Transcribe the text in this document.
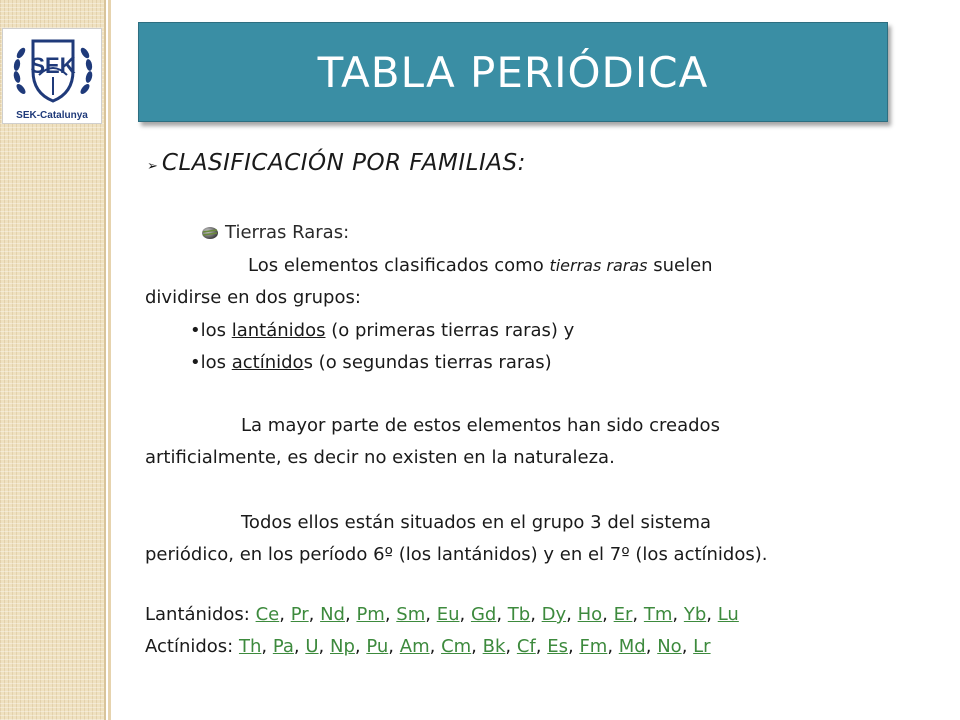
SEK
SEK-Catalunya
TABLA PERIÓDICA
➢ CLASIFICACIÓN POR FAMILIAS:
Tierras Raras:
Los elementos clasificados como tierras raras suelen
dividirse en dos grupos:
•los lantánidos (o primeras tierras raras) y
•los actínidos (o segundas tierras raras)
La mayor parte de estos elementos han sido creados
artificialmente, es decir no existen en la naturaleza.
Todos ellos están situados en el grupo 3 del sistema
periódico, en los período 6º (los lantánidos) y en el 7º (los actínidos).
Lantánidos: Ce, Pr, Nd, Pm, Sm, Eu, Gd, Tb, Dy, Ho, Er, Tm, Yb, Lu
Actínidos: Th, Pa, U, Np, Pu, Am, Cm, Bk, Cf, Es, Fm, Md, No, Lr
